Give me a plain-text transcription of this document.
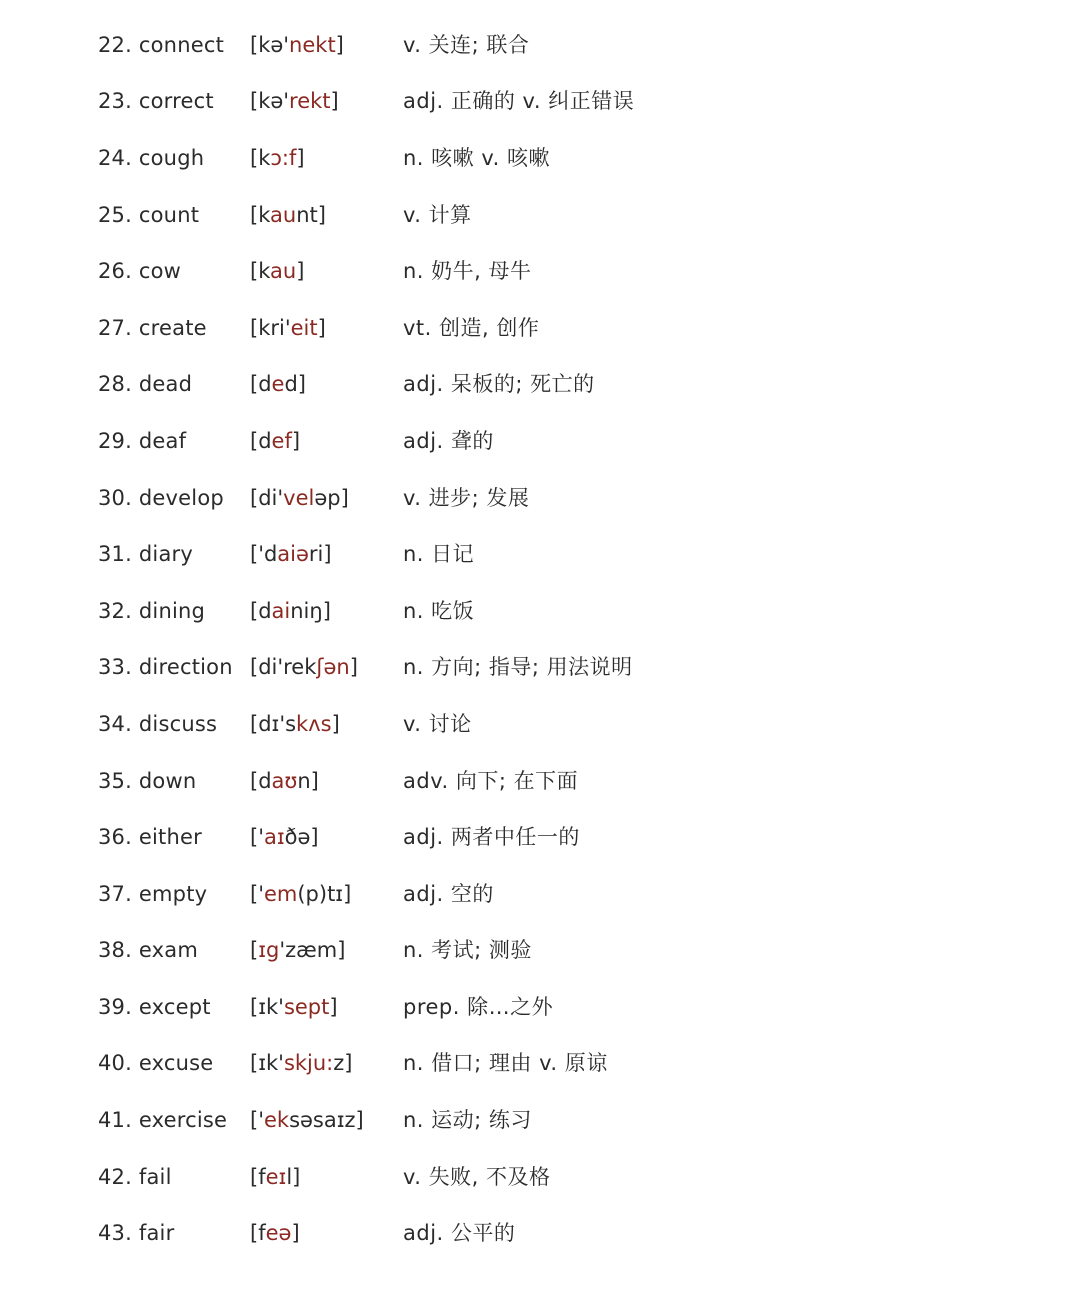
22. connect	[kə'nekt]	v. 关连; 联合
23. correct	[kə'rekt]	adj. 正确的 v. 纠正错误
24. cough	[kɔ:f]	n. 咳嗽 v. 咳嗽
25. count	[kaunt]	v. 计算
26. cow	[kau]	n. 奶牛, 母牛
27. create	[kri'eit]	vt. 创造, 创作
28. dead	[ded]	adj. 呆板的; 死亡的
29. deaf	[def]	adj. 聋的
30. develop	[di'veləp]	v. 进步; 发展
31. diary	['daiəri]	n. 日记
32. dining	[dainiŋ]	n. 吃饭
33. direction [di'rekʃən]	n. 方向; 指导; 用法说明
34. discuss	[dɪ'skʌs]	v. 讨论
35. down	[daʊn]	adv. 向下; 在下面
36. either	['aɪðə]	adj. 两者中任一的
37. empty	['em(p)tɪ]	adj. 空的
38. exam	[ɪg'zæm]	n. 考试; 测验
39. except	[ɪk'sept]	prep. 除…之外
40. excuse	[ɪk'skju:z]	n. 借口; 理由 v. 原谅
41. exercise	['eksəsaɪz]	n. 运动; 练习
42. fail	[feɪl]	v. 失败, 不及格
43. fair	[feə]	adj. 公平的
